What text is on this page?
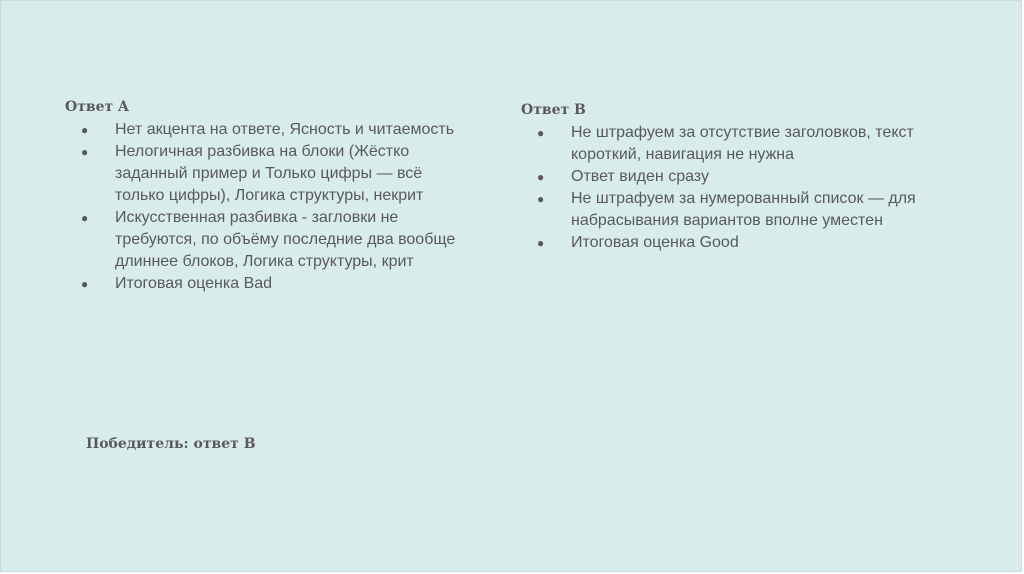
Ответ A
● Нет акцента на ответе, Ясность и читаемость
● Нелогичная разбивка на блоки (Жёстко заданный пример и Только цифры — всё только цифры), Логика структуры, некрит
● Искусственная разбивка - загловки не требуются, по объёму последние два вообще длиннее блоков, Логика структуры, крит
● Итоговая оценка Bad
Ответ B
● Не штрафуем за отсутствие заголовков, текст короткий, навигация не нужна
● Ответ виден сразу
● Не штрафуем за нумерованный список — для набрасывания вариантов вполне уместен
● Итоговая оценка Good
Победитель: ответ B
